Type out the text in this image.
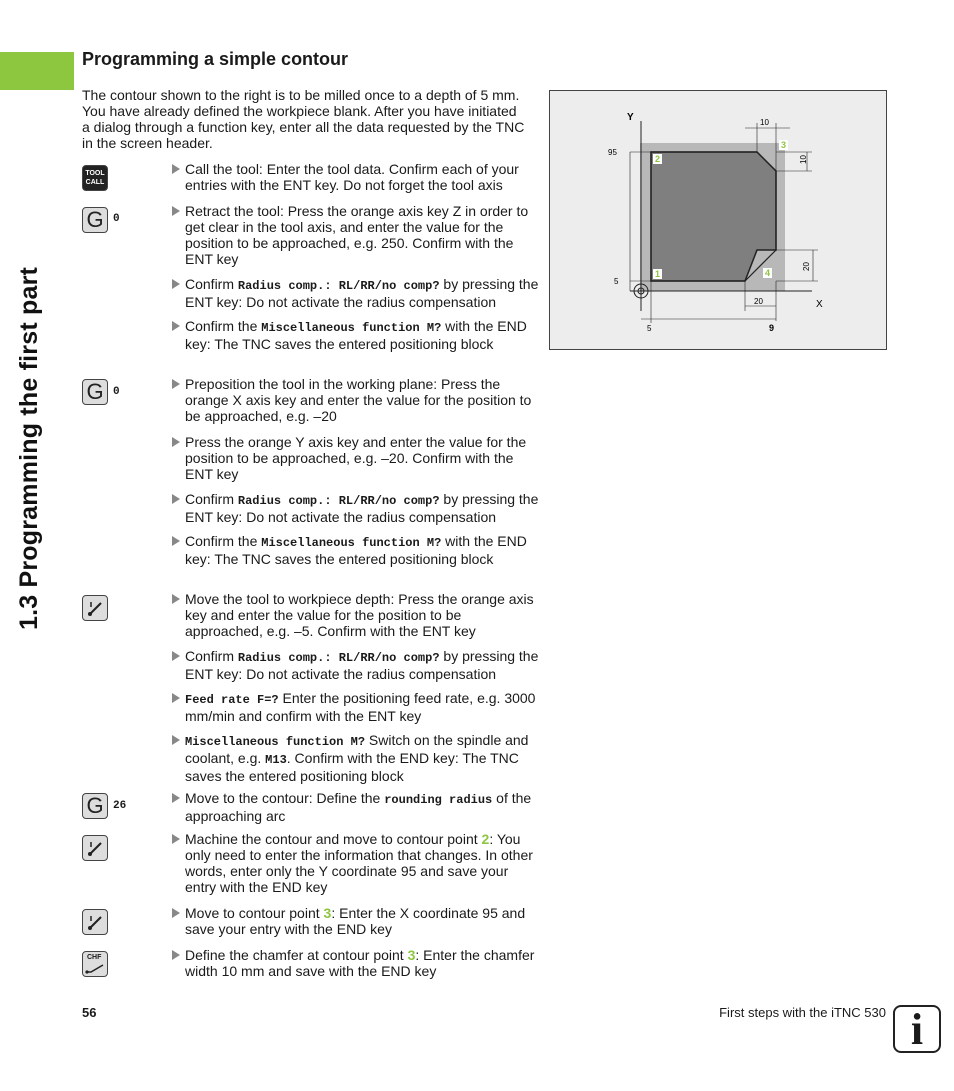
1.3 Programming the first part
Programming a simple contour
The contour shown to the right is to be milled once to a depth of 5 mm. You have already defined the workpiece blank. After you have initiated a dialog through a function key, enter all the data requested by the TNC in the screen header.
TOOL
CALL
G 0
G 0
G 26
CHF
Call the tool: Enter the tool data. Confirm each of your entries with the ENT key. Do not forget the tool axis
Retract the tool: Press the orange axis key Z in order to get clear in the tool axis, and enter the value for the position to be approached, e.g. 250. Confirm with the ENT key
Confirm Radius comp.: RL/RR/no comp? by pressing the ENT key: Do not activate the radius compensation
Confirm the Miscellaneous function M? with the END key: The TNC saves the entered positioning block
Preposition the tool in the working plane: Press the orange X axis key and enter the value for the position to be approached, e.g. –20
Press the orange Y axis key and enter the value for the position to be approached, e.g. –20. Confirm with the ENT key
Confirm Radius comp.: RL/RR/no comp? by pressing the ENT key: Do not activate the radius compensation
Confirm the Miscellaneous function M? with the END key: The TNC saves the entered positioning block
Move the tool to workpiece depth: Press the orange axis key and enter the value for the position to be approached, e.g. –5. Confirm with the ENT key
Confirm Radius comp.: RL/RR/no comp? by pressing the ENT key: Do not activate the radius compensation
Feed rate F=? Enter the positioning feed rate, e.g. 3000 mm/min and confirm with the ENT key
Miscellaneous function M? Switch on the spindle and coolant, e.g. M13. Confirm with the END key: The TNC saves the entered positioning block
Move to the contour: Define the rounding radius of the approaching arc
Machine the contour and move to contour point 2: You only need to enter the information that changes. In other words, enter only the Y coordinate 95 and save your entry with the END key
Move to contour point 3: Enter the X coordinate 95 and save your entry with the END key
Define the chamfer at contour point 3: Enter the chamfer width 10 mm and save with the END key
Y
X
10
95
10
20
5
20
5	9
1
2
3
4
56	First steps with the iTNC 530 i
